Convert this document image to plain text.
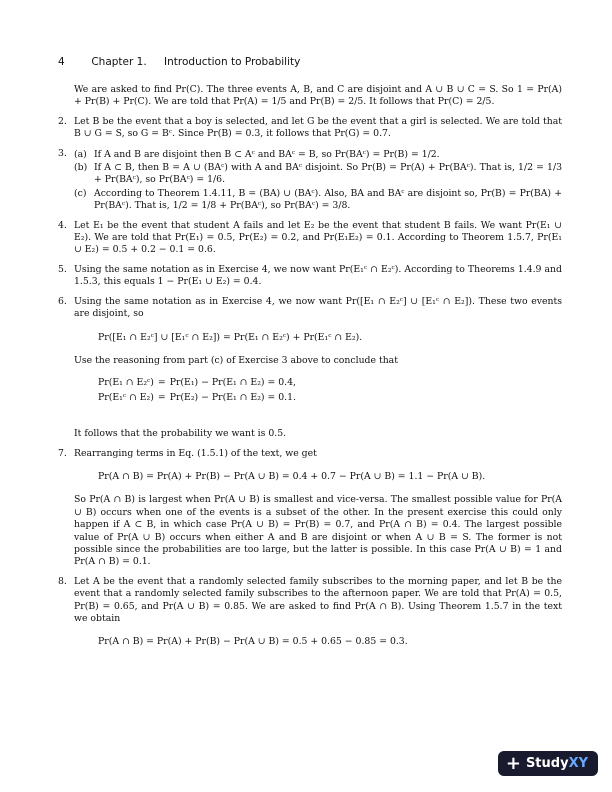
4	Chapter 1. Introduction to Probability

We are asked to find Pr(C). The three events A, B, and C are disjoint and A ∪ B ∪ C = S. So 1 = Pr(A) + Pr(B) + Pr(C). We are told that Pr(A) = 1/5 and Pr(B) = 2/5. It follows that Pr(C) = 2/5.

2. Let B be the event that a boy is selected, and let G be the event that a girl is selected. We are told that B ∪ G = S, so G = Bᶜ. Since Pr(B) = 0.3, it follows that Pr(G) = 0.7.

3. (a) If A and B are disjoint then B ⊂ Aᶜ and BAᶜ = B, so Pr(BAᶜ) = Pr(B) = 1/2.
(b) If A ⊂ B, then B = A ∪ (BAᶜ) with A and BAᶜ disjoint. So Pr(B) = Pr(A) + Pr(BAᶜ). That is, 1/2 = 1/3 + Pr(BAᶜ), so Pr(BAᶜ) = 1/6.
(c) According to Theorem 1.4.11, B = (BA) ∪ (BAᶜ). Also, BA and BAᶜ are disjoint so, Pr(B) = Pr(BA) + Pr(BAᶜ). That is, 1/2 = 1/8 + Pr(BAᶜ), so Pr(BAᶜ) = 3/8.
4. Let E₁ be the event that student A fails and let E₂ be the event that student B fails. We want Pr(E₁ ∪ E₂). We are told that Pr(E₁) = 0.5, Pr(E₂) = 0.2, and Pr(E₁E₂) = 0.1. According to Theorem 1.5.7, Pr(E₁ ∪ E₂) = 0.5 + 0.2 − 0.1 = 0.6.

5. Using the same notation as in Exercise 4, we now want Pr(E₁ᶜ ∩ E₂ᶜ). According to Theorems 1.4.9 and 1.5.3, this equals 1 − Pr(E₁ ∪ E₂) = 0.4.

6. Using the same notation as in Exercise 4, we now want Pr([E₁ ∩ E₂ᶜ] ∪ [E₁ᶜ ∩ E₂]). These two events are disjoint, so

Pr([E₁ ∩ E₂ᶜ] ∪ [E₁ᶜ ∩ E₂]) = Pr(E₁ ∩ E₂ᶜ) + Pr(E₁ᶜ ∩ E₂).

Use the reasoning from part (c) of Exercise 3 above to conclude that

Pr(E₁ ∩ E₂ᶜ)	=	Pr(E₁) − Pr(E₁ ∩ E₂) = 0.4,
Pr(E₁ᶜ ∩ E₂)	=	Pr(E₂) − Pr(E₁ ∩ E₂) = 0.1.

It follows that the probability we want is 0.5.

7. Rearranging terms in Eq. (1.5.1) of the text, we get

Pr(A ∩ B) = Pr(A) + Pr(B) − Pr(A ∪ B) = 0.4 + 0.7 − Pr(A ∪ B) = 1.1 − Pr(A ∪ B).

So Pr(A ∩ B) is largest when Pr(A ∪ B) is smallest and vice-versa. The smallest possible value for Pr(A ∪ B) occurs when one of the events is a subset of the other. In the present exercise this could only happen if A ⊂ B, in which case Pr(A ∪ B) = Pr(B) = 0.7, and Pr(A ∩ B) = 0.4. The largest possible value of Pr(A ∪ B) occurs when either A and B are disjoint or when A ∪ B = S. The former is not possible since the probabilities are too large, but the latter is possible. In this case Pr(A ∪ B) = 1 and Pr(A ∩ B) = 0.1.

8. Let A be the event that a randomly selected family subscribes to the morning paper, and let B be the event that a randomly selected family subscribes to the afternoon paper. We are told that Pr(A) = 0.5, Pr(B) = 0.65, and Pr(A ∪ B) = 0.85. We are asked to find Pr(A ∩ B). Using Theorem 1.5.7 in the text we obtain

Pr(A ∩ B) = Pr(A) + Pr(B) − Pr(A ∪ B) = 0.5 + 0.65 − 0.85 = 0.3.
+ Study XY
